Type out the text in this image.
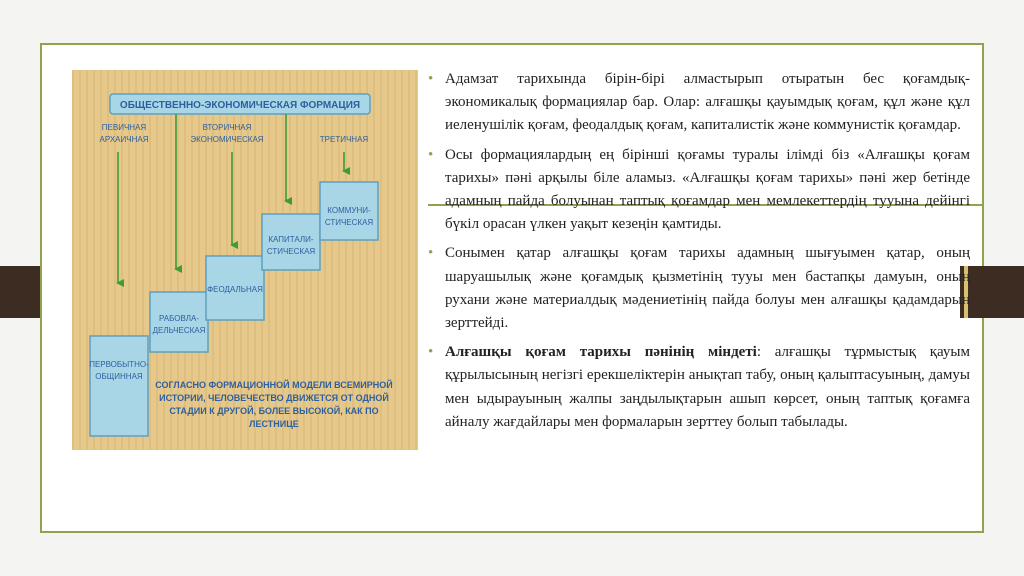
ОБЩЕСТВЕННО-ЭКОНОМИЧЕСКАЯ ФОРМАЦИЯ
ПЕВИЧНАЯ
АРХАИЧНАЯ
ВТОРИЧНАЯ
ЭКОНОМИЧЕСКАЯ	ТРЕТИЧНАЯ
ПЕРВОБЫТНО-
ОБЩИННАЯ
РАБОВЛА-
ДЕЛЬЧЕСКАЯ
ФЕОДАЛЬНАЯ
КАПИТАЛИ-
СТИЧЕСКАЯ
КОММУНИ-
СТИЧЕСКАЯ
СОГЛАСНО ФОРМАЦИОННОЙ МОДЕЛИ ВСЕМИРНОЙ
ИСТОРИИ, ЧЕЛОВЕЧЕСТВО ДВИЖЕТСЯ ОТ ОДНОЙ
СТАДИИ К ДРУГОЙ, БОЛЕЕ ВЫСОКОЙ, КАК ПО
ЛЕСТНИЦЕ
• Адамзат тарихында бірін-бірі алмастырып отыратын бес қоғамдық-экономикалық формациялар бар. Олар: алғашқы қауымдық қоғам, құл және құл иеленушілік қоғам, феодалдық қоғам, капиталистік және коммунистік қоғамдар.
• Осы формациялардың ең бірінші қоғамы туралы ілімді біз «Алғашқы қоғам тарихы» пәні арқылы біле аламыз. «Алғашқы қоғам тарихы» пәні жер бетінде адамның пайда болуынан таптық қоғамдар мен мемлекеттердің тууына дейінгі бүкіл орасан үлкен уақыт кезеңін қамтиды.
• Сонымен қатар алғашқы қоғам тарихы адамның шығуымен қатар, оның шаруашылық және қоғамдық қызметінің тууы мен бастапқы дамуын, оның рухани және материалдық мәдениетінің пайда болуы мен алғашқы қадамдарын зерттейді.
• Алғашқы қоғам тарихы пәнінің міндеті: алғашқы тұрмыстық қауым құрылысының негізгі ерекшеліктерін анықтап табу, оның қалыптасуының, дамуы мен ыдырауының жалпы заңдылықтарын ашып көрсет, оның таптық қоғамға айналу жағдайлары мен формаларын зерттеу болып табылады.
